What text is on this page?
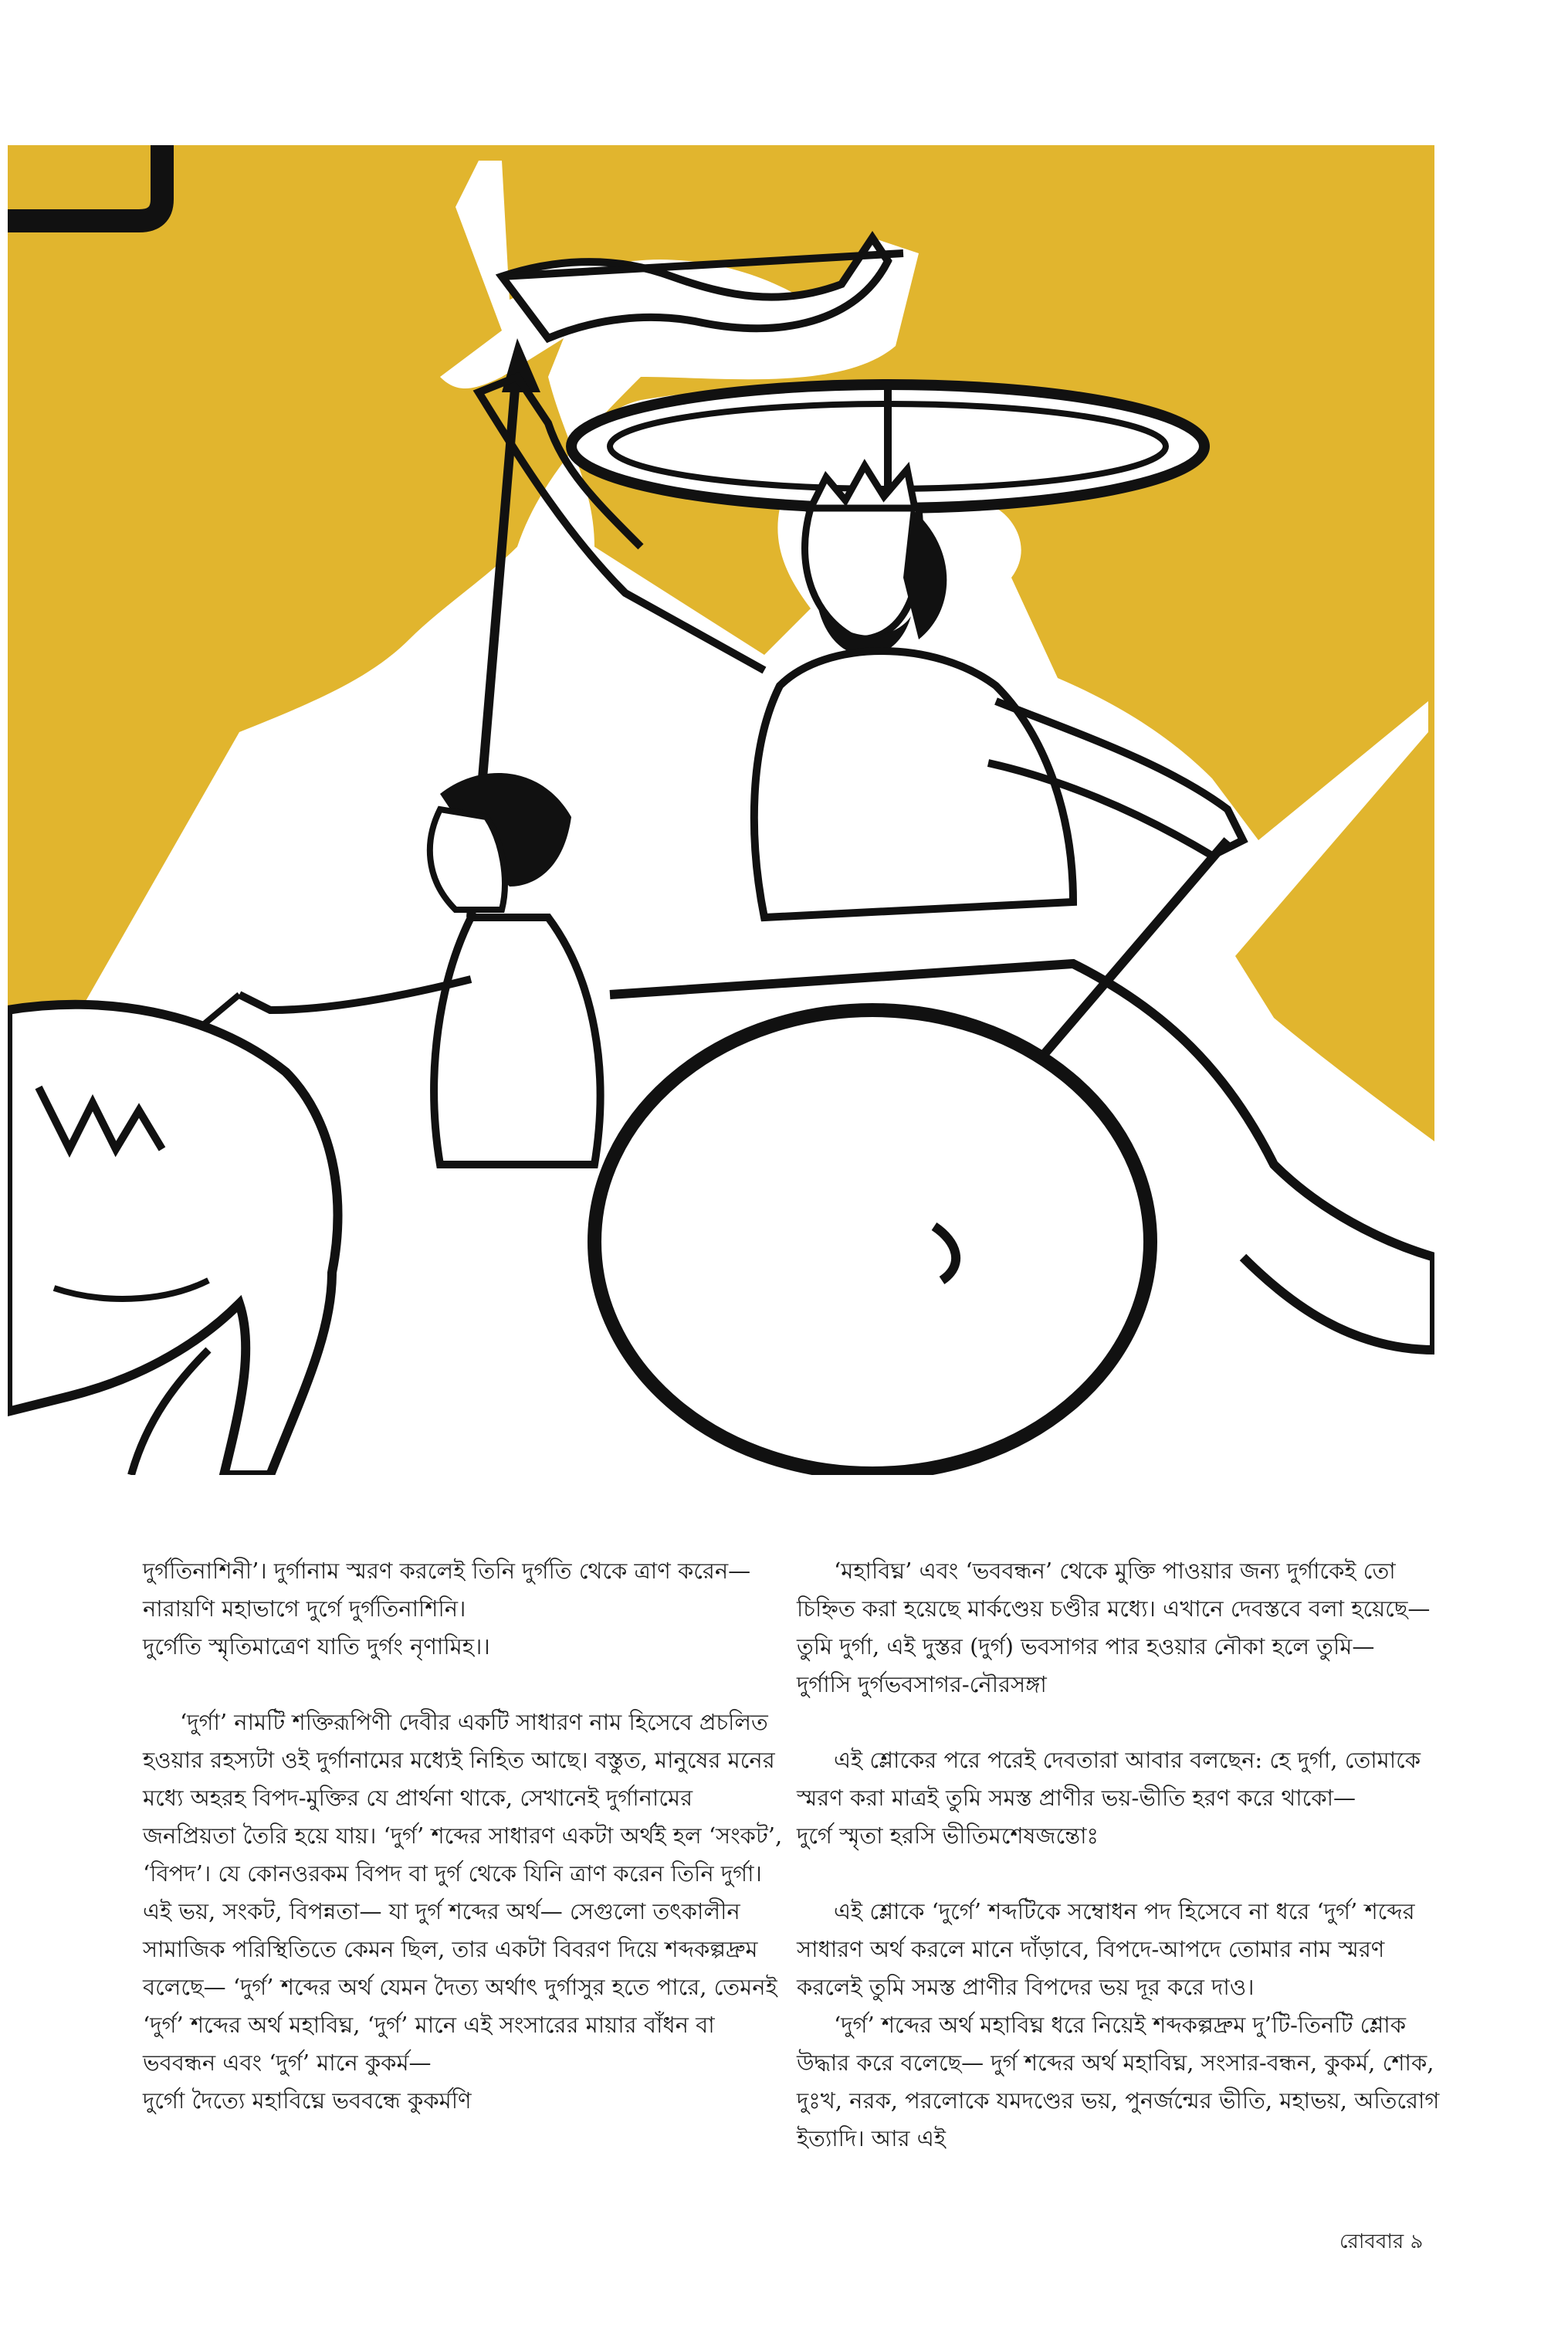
দুর্গতিনাশিনী’। দুর্গানাম স্মরণ করলেই তিনি দুর্গতি থেকে ত্রাণ করেন—

নারায়ণি মহাভাগে দুর্গে দুর্গতিনাশিনি।

দুর্গেতি স্মৃতিমাত্রেণ যাতি দুর্গং নৃণামিহ।।

‘দুর্গা’ নামটি শক্তিরূপিণী দেবীর একটি সাধারণ নাম হিসেবে প্রচলিত হওয়ার রহস্যটা ওই দুর্গানামের মধ্যেই নিহিত আছে। বস্তুত, মানুষের মনের মধ্যে অহরহ বিপদ-মুক্তির যে প্রার্থনা থাকে, সেখানেই দুর্গানামের জনপ্রিয়তা তৈরি হয়ে যায়। ‘দুর্গ’ শব্দের সাধারণ একটা অর্থই হল ‘সংকট’, ‘বিপদ’। যে কোনওরকম বিপদ বা দুর্গ থেকে যিনি ত্রাণ করেন তিনি দুর্গা। এই ভয়, সংকট, বিপন্নতা— যা দুর্গ শব্দের অর্থ— সেগুলো তৎকালীন সামাজিক পরিস্থিতিতে কেমন ছিল, তার একটা বিবরণ দিয়ে শব্দকল্পদ্রুম বলেছে— ‘দুর্গ’ শব্দের অর্থ যেমন দৈত্য অর্থাৎ দুর্গাসুর হতে পারে, তেমনই ‘দুর্গ’ শব্দের অর্থ মহাবিঘ্ন, ‘দুর্গ’ মানে এই সংসারের মায়ার বাঁধন বা ভববন্ধন এবং ‘দুর্গ’ মানে কুকর্ম—

দুর্গো দৈত্যে মহাবিঘ্নে ভববন্ধে কুকর্মণি

‘মহাবিঘ্ন’ এবং ‘ভববন্ধন’ থেকে মুক্তি পাওয়ার জন্য দুর্গাকেই তো চিহ্নিত করা হয়েছে মার্কণ্ডেয় চণ্ডীর মধ্যে। এখানে দেবস্তবে বলা হয়েছে— তুমি দুর্গা, এই দুস্তর (দুর্গ) ভবসাগর পার হওয়ার নৌকা হলে তুমি—

দুর্গাসি দুর্গভবসাগর-নৌরসঙ্গা

এই শ্লোকের পরে পরেই দেবতারা আবার বলছেন: হে দুর্গা, তোমাকে স্মরণ করা মাত্রই তুমি সমস্ত প্রাণীর ভয়-ভীতি হরণ করে থাকো—

দুর্গে স্মৃতা হরসি ভীতিমশেষজন্তোঃ

এই শ্লোকে ‘দুর্গে’ শব্দটিকে সম্বোধন পদ হিসেবে না ধরে ‘দুর্গ’ শব্দের সাধারণ অর্থ করলে মানে দাঁড়াবে, বিপদে-আপদে তোমার নাম স্মরণ করলেই তুমি সমস্ত প্রাণীর বিপদের ভয় দূর করে দাও।

‘দুর্গ’ শব্দের অর্থ মহাবিঘ্ন ধরে নিয়েই শব্দকল্পদ্রুম দু’টি-তিনটি শ্লোক উদ্ধার করে বলেছে— দুর্গ শব্দের অর্থ মহাবিঘ্ন, সংসার-বন্ধন, কুকর্ম, শোক, দুঃখ, নরক, পরলোকে যমদণ্ডের ভয়, পুনর্জন্মের ভীতি, মহাভয়, অতিরোগ ইত্যাদি। আর এই

রোববার ৯
